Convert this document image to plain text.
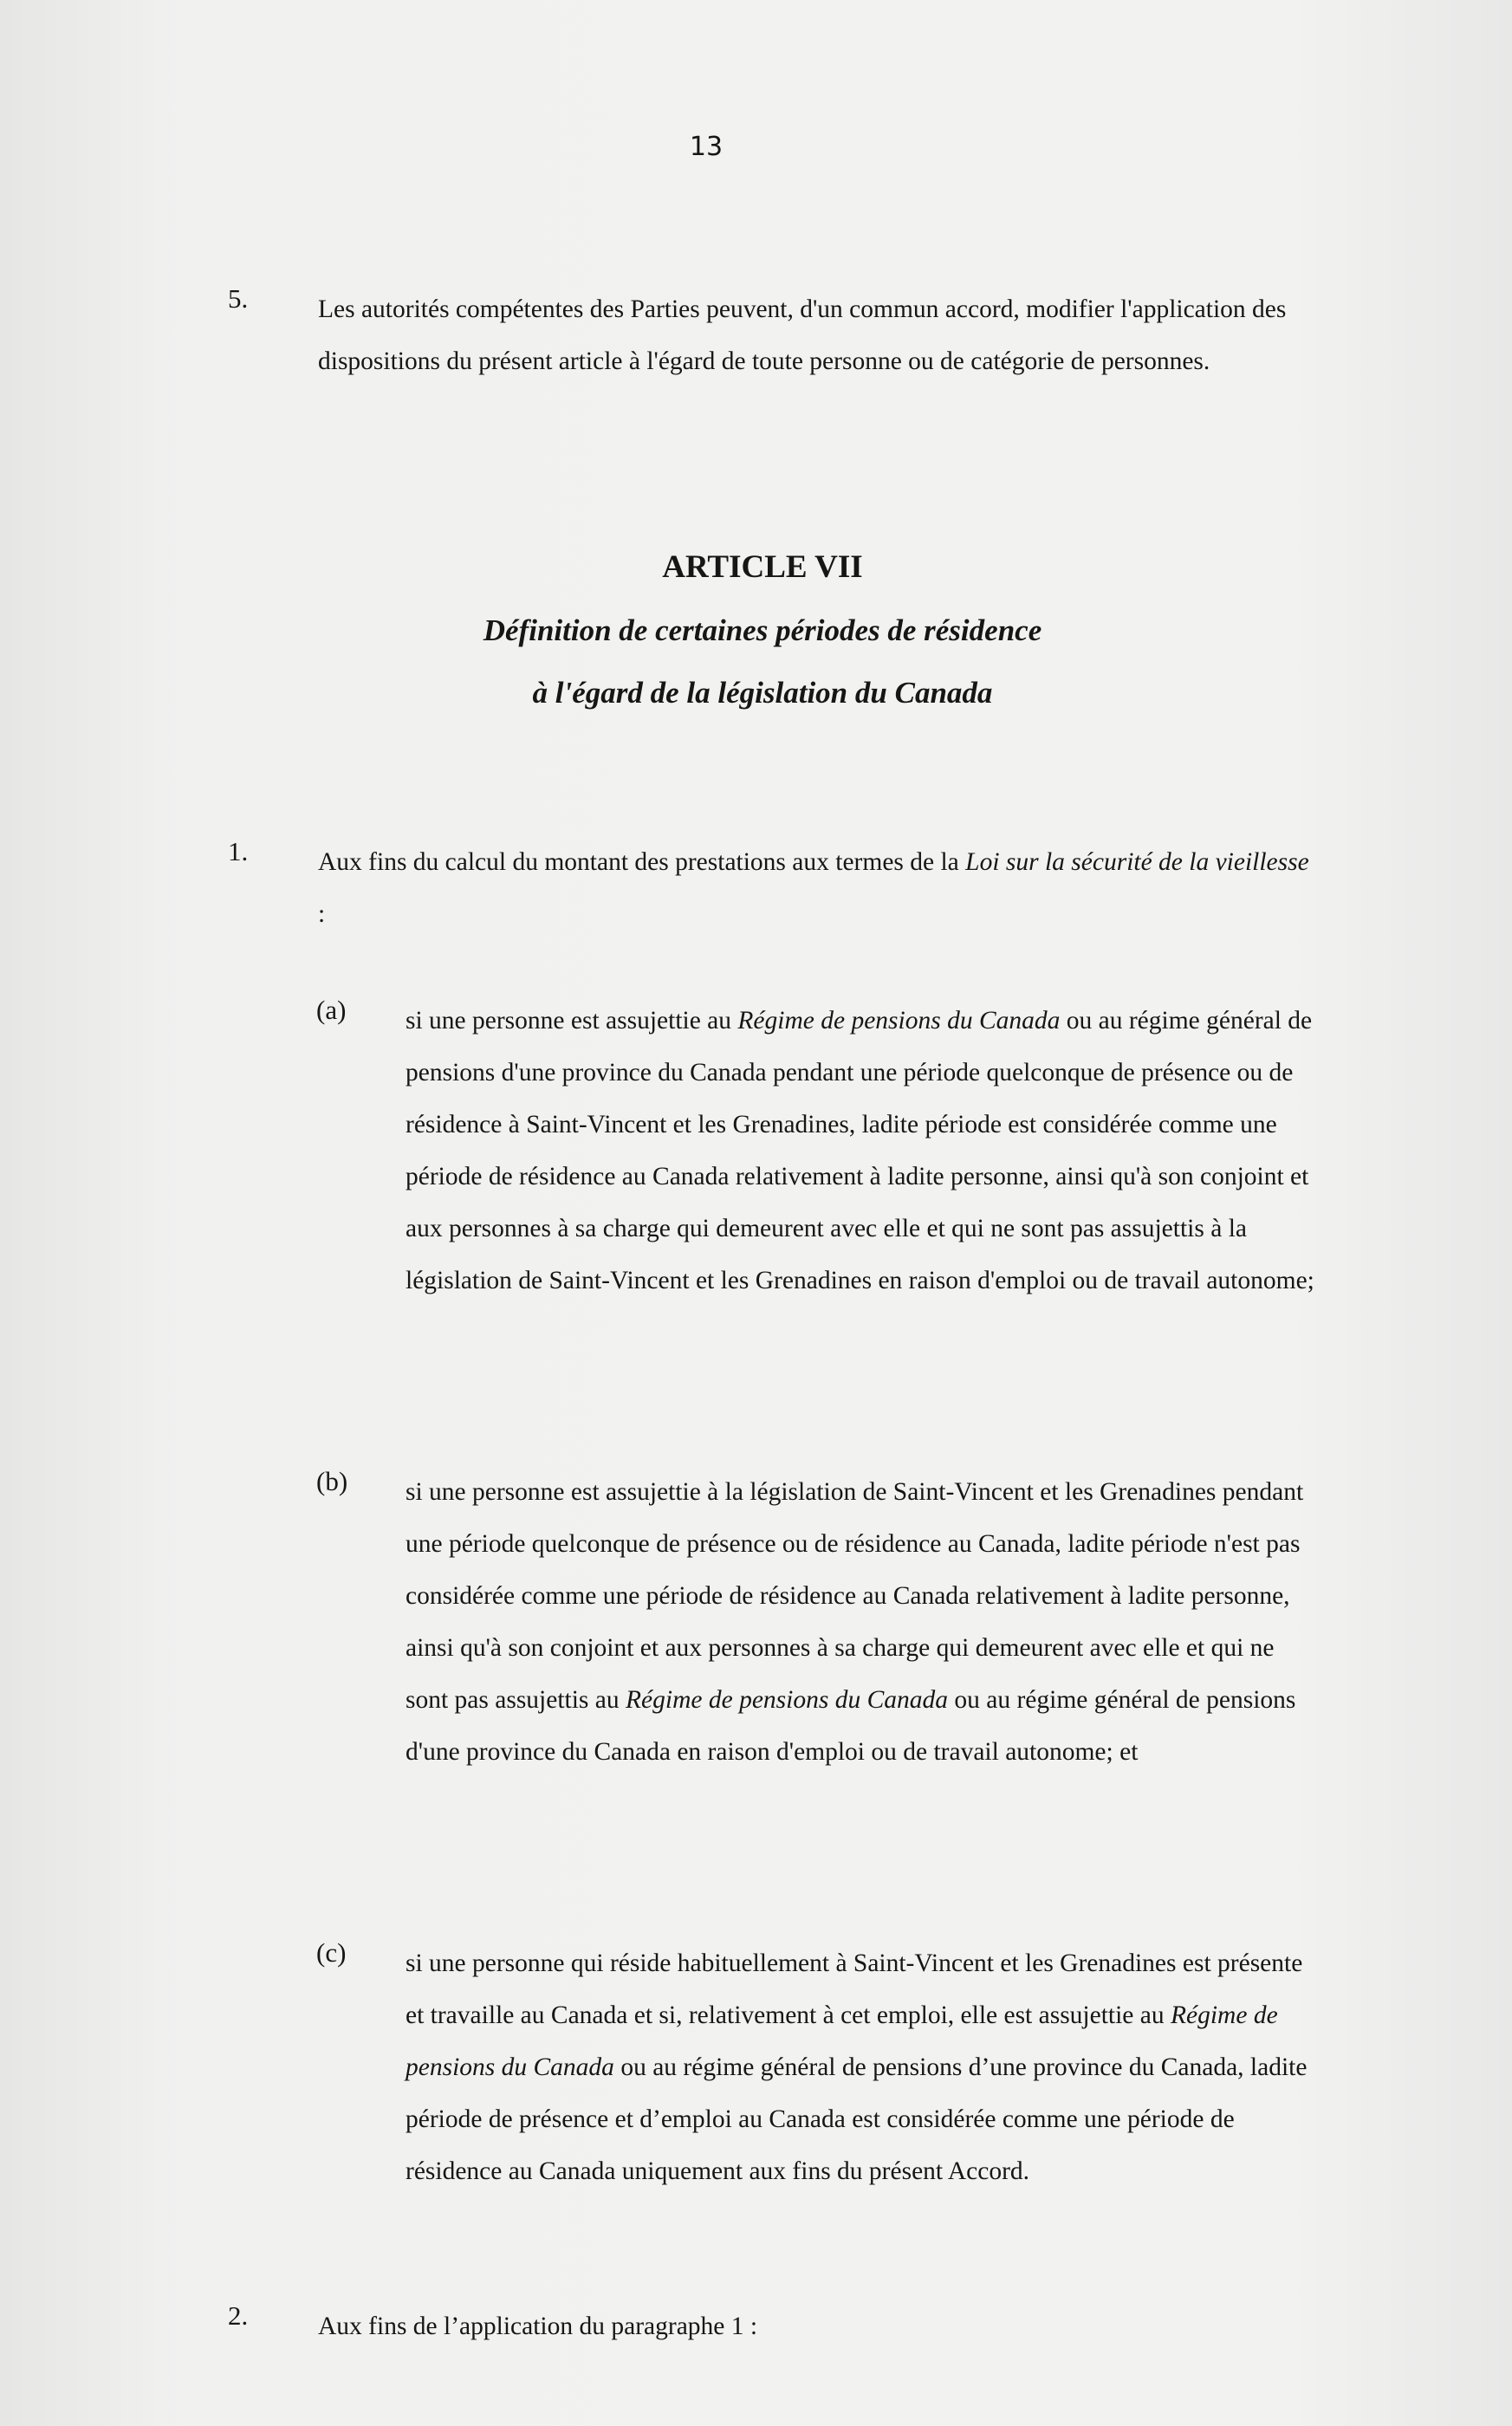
13
5.	Les autorités compétentes des Parties peuvent, d'un commun accord, modifier l'application des dispositions du présent article à l'égard de toute personne ou de catégorie de personnes.
ARTICLE VII
Définition de certaines périodes de résidence
à l'égard de la législation du Canada
1.	Aux fins du calcul du montant des prestations aux termes de la Loi sur la sécurité de la vieillesse :
(a) si une personne est assujettie au Régime de pensions du Canada ou au régime général de pensions d'une province du Canada pendant une période quelconque de présence ou de résidence à Saint-Vincent et les Grenadines, ladite période est considérée comme une période de résidence au Canada relativement à ladite personne, ainsi qu'à son conjoint et aux personnes à sa charge qui demeurent avec elle et qui ne sont pas assujettis à la législation de Saint-Vincent et les Grenadines en raison d'emploi ou de travail autonome;
(b) si une personne est assujettie à la législation de Saint-Vincent et les Grenadines pendant une période quelconque de présence ou de résidence au Canada, ladite période n'est pas considérée comme une période de résidence au Canada relativement à ladite personne, ainsi qu'à son conjoint et aux personnes à sa charge qui demeurent avec elle et qui ne sont pas assujettis au Régime de pensions du Canada ou au régime général de pensions d'une province du Canada en raison d'emploi ou de travail autonome; et
(c) si une personne qui réside habituellement à Saint-Vincent et les Grenadines est présente et travaille au Canada et si, relativement à cet emploi, elle est assujettie au Régime de pensions du Canada ou au régime général de pensions d’une province du Canada, ladite période de présence et d’emploi au Canada est considérée comme une période de résidence au Canada uniquement aux fins du présent Accord.
2.	Aux fins de l’application du paragraphe 1 :
